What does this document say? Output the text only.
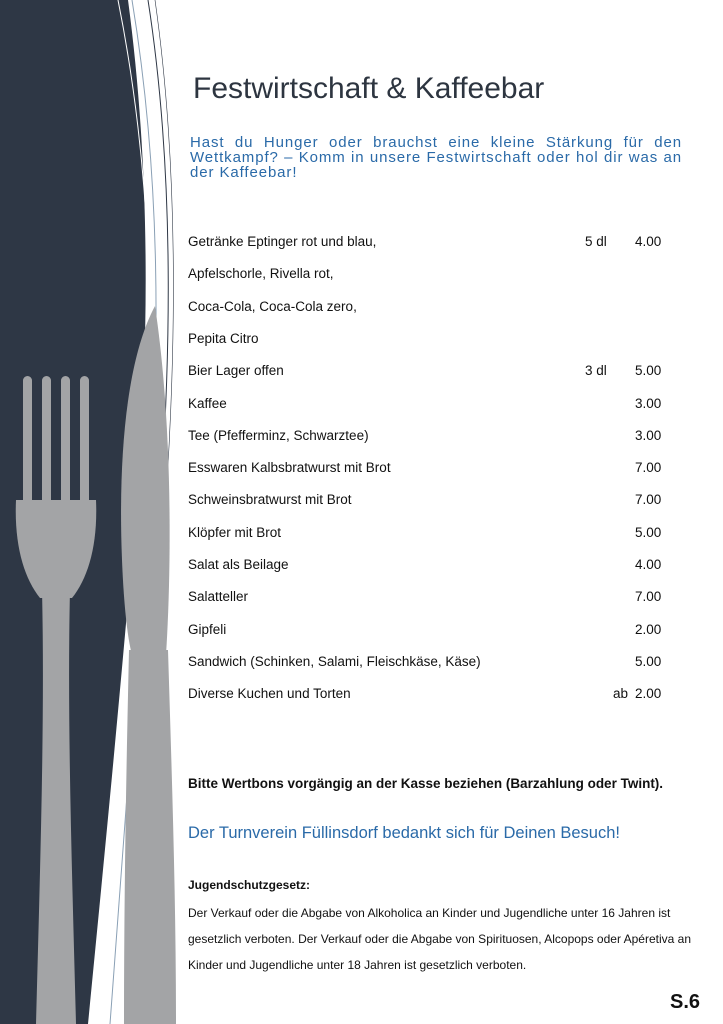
Festwirtschaft & Kaffeebar

Hast du Hunger oder brauchst eine kleine Stärkung für den Wettkampf? – Komm in unsere Festwirtschaft oder hol dir was an der Kaffeebar!

Getränke Eptinger rot und blau,	5 dl 4.00
Apfelschorle, Rivella rot,
Coca-Cola, Coca-Cola zero,
Pepita Citro
Bier Lager offen	3 dl 5.00
Kaffee	3.00
Tee (Pfefferminz, Schwarztee)	3.00
Esswaren Kalbsbratwurst mit Brot	7.00
Schweinsbratwurst mit Brot	7.00
Klöpfer mit Brot	5.00
Salat als Beilage	4.00
Salatteller	7.00
Gipfeli	2.00
Sandwich (Schinken, Salami, Fleischkäse, Käse)	5.00
Diverse Kuchen und Torten	ab 2.00

Bitte Wertbons vorgängig an der Kasse beziehen (Barzahlung oder Twint).

Der Turnverein Füllinsdorf bedankt sich für Deinen Besuch!

Jugendschutzgesetz:

Der Verkauf oder die Abgabe von Alkoholica an Kinder und Jugendliche unter 16 Jahren ist gesetzlich verboten. Der Verkauf oder die Abgabe von Spirituosen, Alcopops oder Apéretiva an Kinder und Jugendliche unter 18 Jahren ist gesetzlich verboten.

S.6
